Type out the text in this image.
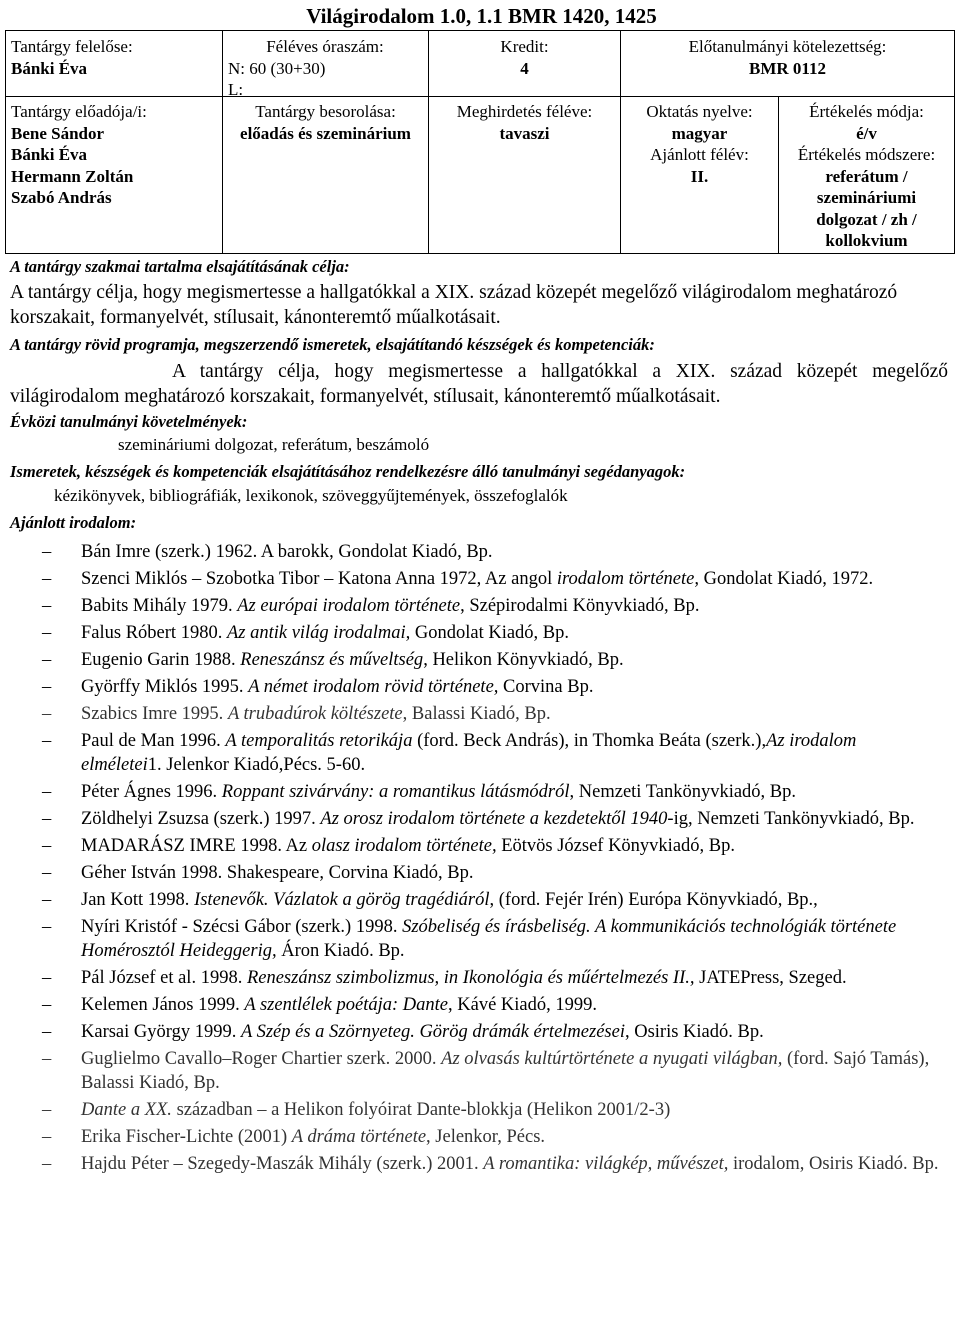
Világirodalom 1.0, 1.1 BMR 1420, 1425
Tantárgy felelőse:
Bánki Éva
Féléves óraszám:
N: 60 (30+30)
L:
Kredit:
4
Előtanulmányi kötelezettség:
BMR 0112
Tantárgy előadója/i:
Bene Sándor
Bánki Éva
Hermann Zoltán
Szabó András
Tantárgy besorolása:
előadás és szeminárium
Meghirdetés féléve:
tavaszi
Oktatás nyelve:
magyar
Ajánlott félév:
II.
Értékelés módja:
é/v
Értékelés módszere:
referátum /
szemináriumi
dolgozat / zh /
kollokvium
A tantárgy szakmai tartalma elsajátításának célja:
A tantárgy célja, hogy megismertesse a hallgatókkal a XIX. század közepét megelőző világirodalom meghatározó korszakait, formanyelvét, stílusait, kánonteremtő műalkotásait.
A tantárgy rövid programja, megszerzendő ismeretek, elsajátítandó készségek és kompetenciák:
A tantárgy célja, hogy megismertesse a hallgatókkal a XIX. század közepét megelőző világirodalom meghatározó korszakait, formanyelvét, stílusait, kánonteremtő műalkotásait.
Évközi tanulmányi követelmények:
szemináriumi dolgozat, referátum, beszámoló
Ismeretek, készségek és kompetenciák elsajátításához rendelkezésre álló tanulmányi segédanyagok:
kézikönyvek, bibliográfiák, lexikonok, szöveggyűjtemények, összefoglalók
Ajánlott irodalom:
–	Bán Imre (szerk.) 1962. A barokk, Gondolat Kiadó, Bp.
–	Szenci Miklós – Szobotka Tibor – Katona Anna 1972, Az angol irodalom története, Gondolat Kiadó, 1972.
–	Babits Mihály 1979. Az európai irodalom története, Szépirodalmi Könyvkiadó, Bp.
–	Falus Róbert 1980. Az antik világ irodalmai, Gondolat Kiadó, Bp.
–	Eugenio Garin 1988. Reneszánsz és műveltség, Helikon Könyvkiadó, Bp.
–	Györffy Miklós 1995. A német irodalom rövid története, Corvina Bp.
–	Szabics Imre 1995. A trubadúrok költészete, Balassi Kiadó, Bp.
–	Paul de Man 1996. A temporalitás retorikája (ford. Beck András), in Thomka Beáta (szerk.),Az irodalom elméletei1. Jelenkor Kiadó,Pécs. 5-60.
–	Péter Ágnes 1996. Roppant szivárvány: a romantikus látásmódról, Nemzeti Tankönyvkiadó, Bp.
–	Zöldhelyi Zsuzsa (szerk.) 1997. Az orosz irodalom története a kezdetektől 1940-ig, Nemzeti Tankönyvkiadó, Bp.
–	MADARÁSZ IMRE 1998. Az olasz irodalom története, Eötvös József Könyvkiadó, Bp.
–	Géher István 1998. Shakespeare, Corvina Kiadó, Bp.
–	Jan Kott 1998. Istenevők. Vázlatok a görög tragédiáról, (ford. Fejér Irén) Európa Könyvkiadó, Bp.,
–	Nyíri Kristóf - Szécsi Gábor (szerk.) 1998. Szóbeliség és írásbeliség. A kommunikációs technológiák története Homérosztól Heideggerig, Áron Kiadó. Bp.
–	Pál József et al. 1998. Reneszánsz szimbolizmus, in Ikonológia és műértelmezés II., JATEPress, Szeged.
–	Kelemen János 1999. A szentlélek poétája: Dante, Kávé Kiadó, 1999.
–	Karsai György 1999. A Szép és a Szörnyeteg. Görög drámák értelmezései, Osiris Kiadó. Bp.
–	Guglielmo Cavallo–Roger Chartier szerk. 2000. Az olvasás kultúrtörténete a nyugati világban, (ford. Sajó Tamás), Balassi Kiadó, Bp.
–	Dante a XX. században – a Helikon folyóirat Dante-blokkja (Helikon 2001/2-3)
–	Erika Fischer-Lichte (2001) A dráma története, Jelenkor, Pécs.
–	Hajdu Péter – Szegedy-Maszák Mihály (szerk.) 2001. A romantika: világkép, művészet, irodalom, Osiris Kiadó. Bp.
